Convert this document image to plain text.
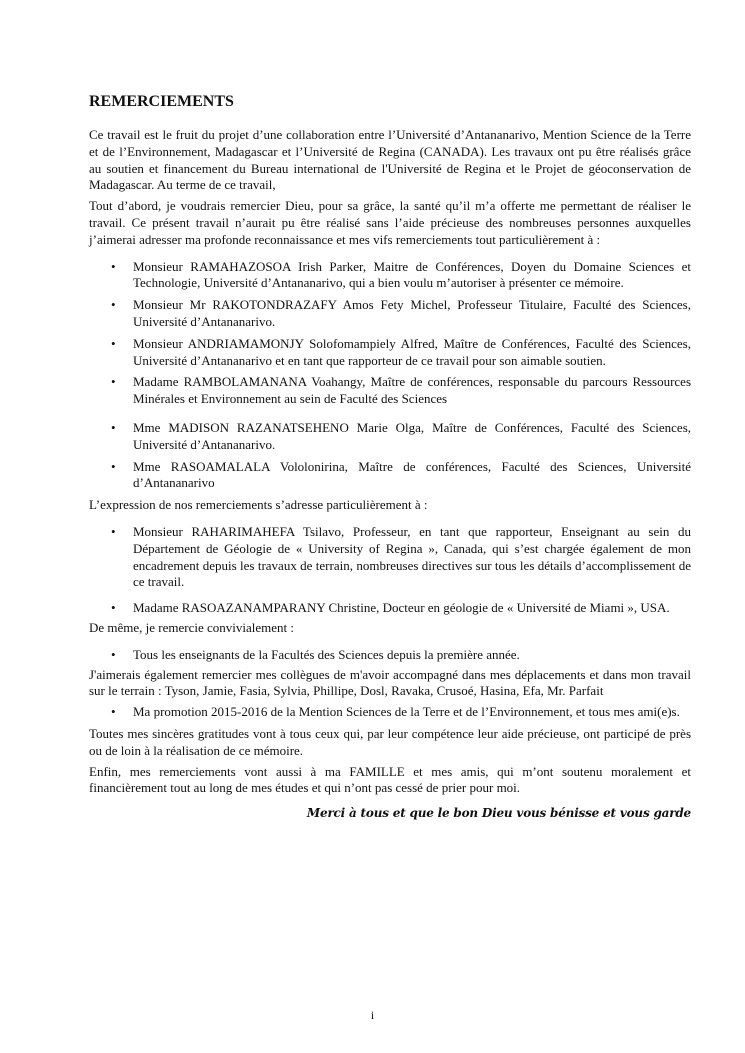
REMERCIEMENTS

Ce travail est le fruit du projet d’une collaboration entre l’Université d’Antananarivo, Mention Science de la Terre et de l’Environnement, Madagascar et l’Université de Regina (CANADA). Les travaux ont pu être réalisés grâce au soutien et financement du Bureau international de l'Université de Regina et le Projet de géoconservation de Madagascar. Au terme de ce travail,

Tout d’abord, je voudrais remercier Dieu, pour sa grâce, la santé qu’il m’a offerte me permettant de réaliser le travail. Ce présent travail n’aurait pu être réalisé sans l’aide précieuse des nombreuses personnes auxquelles j’aimerai adresser ma profonde reconnaissance et mes vifs remerciements tout particulièrement à :

• Monsieur RAMAHAZOSOA Irish Parker, Maitre de Conférences, Doyen du Domaine Sciences et Technologie, Université d’Antananarivo, qui a bien voulu m’autoriser à présenter ce mémoire.
• Monsieur Mr RAKOTONDRAZAFY Amos Fety Michel, Professeur Titulaire, Faculté des Sciences, Université d’Antananarivo.
• Monsieur ANDRIAMAMONJY Solofomampiely Alfred, Maître de Conférences, Faculté des Sciences, Université d’Antananarivo et en tant que rapporteur de ce travail pour son aimable soutien.
• Madame RAMBOLAMANANA Voahangy, Maître de conférences, responsable du parcours Ressources Minérales et Environnement au sein de Faculté des Sciences
• Mme MADISON RAZANATSEHENO Marie Olga, Maître de Conférences, Faculté des Sciences, Université d’Antananarivo.
• Mme RASOAMALALA Vololonirina, Maître de conférences, Faculté des Sciences, Université d’Antananarivo

L’expression de nos remerciements s’adresse particulièrement à :

• Monsieur RAHARIMAHEFA Tsilavo, Professeur, en tant que rapporteur, Enseignant au sein du Département de Géologie de « University of Regina », Canada, qui s’est chargée également de mon encadrement depuis les travaux de terrain, nombreuses directives sur tous les détails d’accomplissement de ce travail.
• Madame RASOAZANAMPARANY Christine, Docteur en géologie de « Université de Miami », USA.

De même, je remercie convivialement :

• Tous les enseignants de la Facultés des Sciences depuis la première année.

J'aimerais également remercier mes collègues de m'avoir accompagné dans mes déplacements et dans mon travail sur le terrain : Tyson, Jamie, Fasia, Sylvia, Phillipe, Dosl, Ravaka, Crusoé, Hasina, Efa, Mr. Parfait

• Ma promotion 2015-2016 de la Mention Sciences de la Terre et de l’Environnement, et tous mes ami(e)s.

Toutes mes sincères gratitudes vont à tous ceux qui, par leur compétence leur aide précieuse, ont participé de près ou de loin à la réalisation de ce mémoire.

Enfin, mes remerciements vont aussi à ma FAMILLE et mes amis, qui m’ont soutenu moralement et financièrement tout au long de mes études et qui n’ont pas cessé de prier pour moi.

Merci à tous et que le bon Dieu vous bénisse et vous garde
i
